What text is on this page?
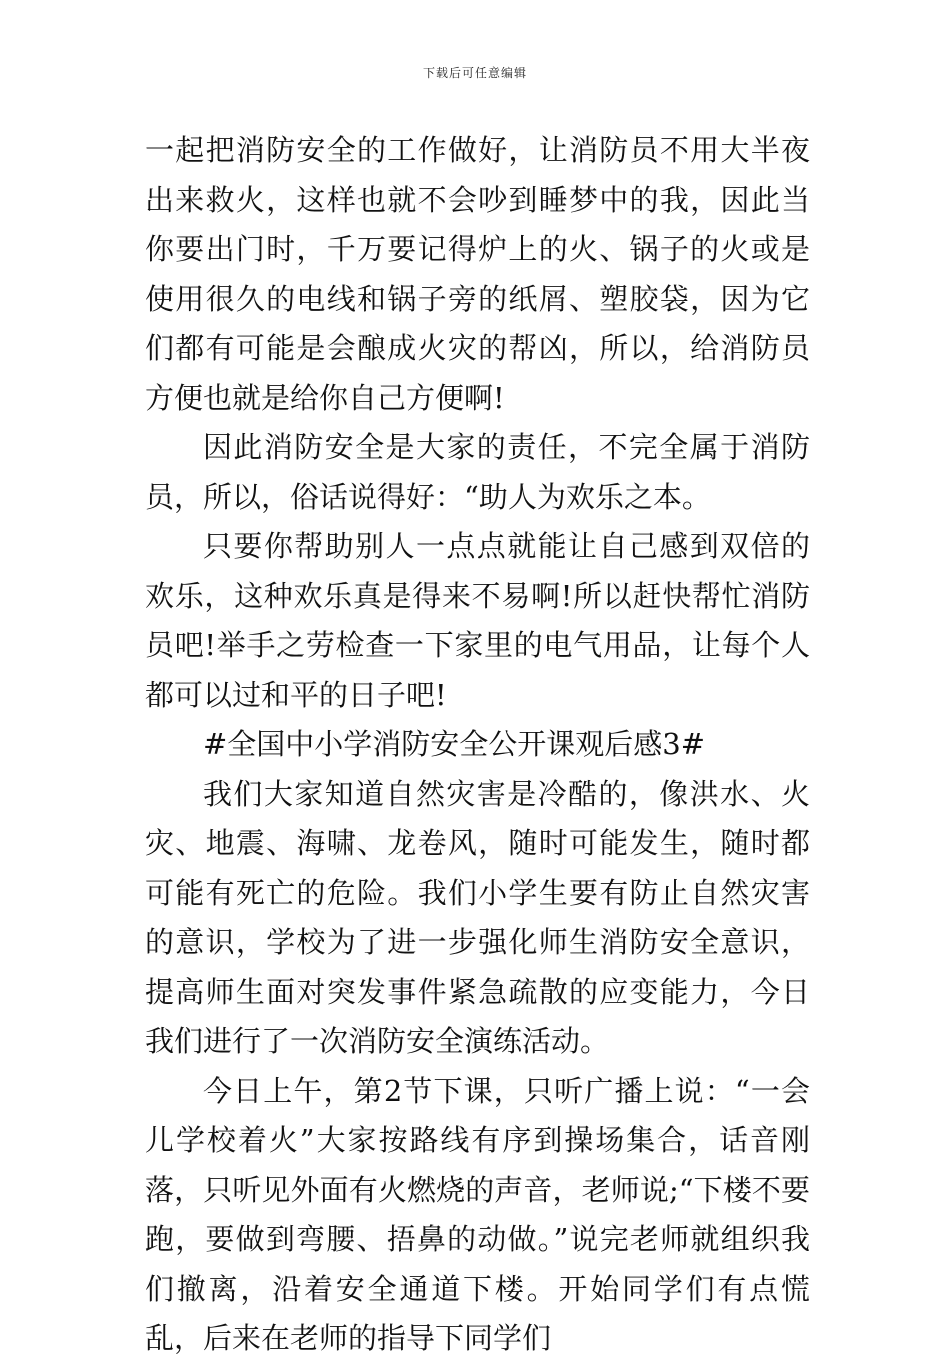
下载后可任意编辑

一起把消防安全的工作做好，让消防员不用大半夜出来救火，这样也就不会吵到睡梦中的我，因此当你要出门时，千万要记得炉上的火、锅子的火或是使用很久的电线和锅子旁的纸屑、塑胶袋，因为它们都有可能是会酿成火灾的帮凶，所以，给消防员方便也就是给你自己方便啊!

因此消防安全是大家的责任，不完全属于消防员，所以，俗话说得好：“助人为欢乐之本。

只要你帮助别人一点点就能让自己感到双倍的欢乐，这种欢乐真是得来不易啊!所以赶快帮忙消防员吧!举手之劳检查一下家里的电气用品，让每个人都可以过和平的日子吧!

#全国中小学消防安全公开课观后感3#

我们大家知道自然灾害是冷酷的，像洪水、火灾、地震、海啸、龙卷风，随时可能发生，随时都可能有死亡的危险。我们小学生要有防止自然灾害的意识，学校为了进一步强化师生消防安全意识，提高师生面对突发事件紧急疏散的应变能力，今日我们进行了一次消防安全演练活动。

今日上午，第2节下课，只听广播上说：“一会儿学校着火”大家按路线有序到操场集合，话音刚落，只听见外面有火燃烧的声音，老师说;“下楼不要跑，要做到弯腰、捂鼻的动做。”说完老师就组织我们撤离，沿着安全通道下楼。开始同学们有点慌乱，后来在老师的指导下同学们
